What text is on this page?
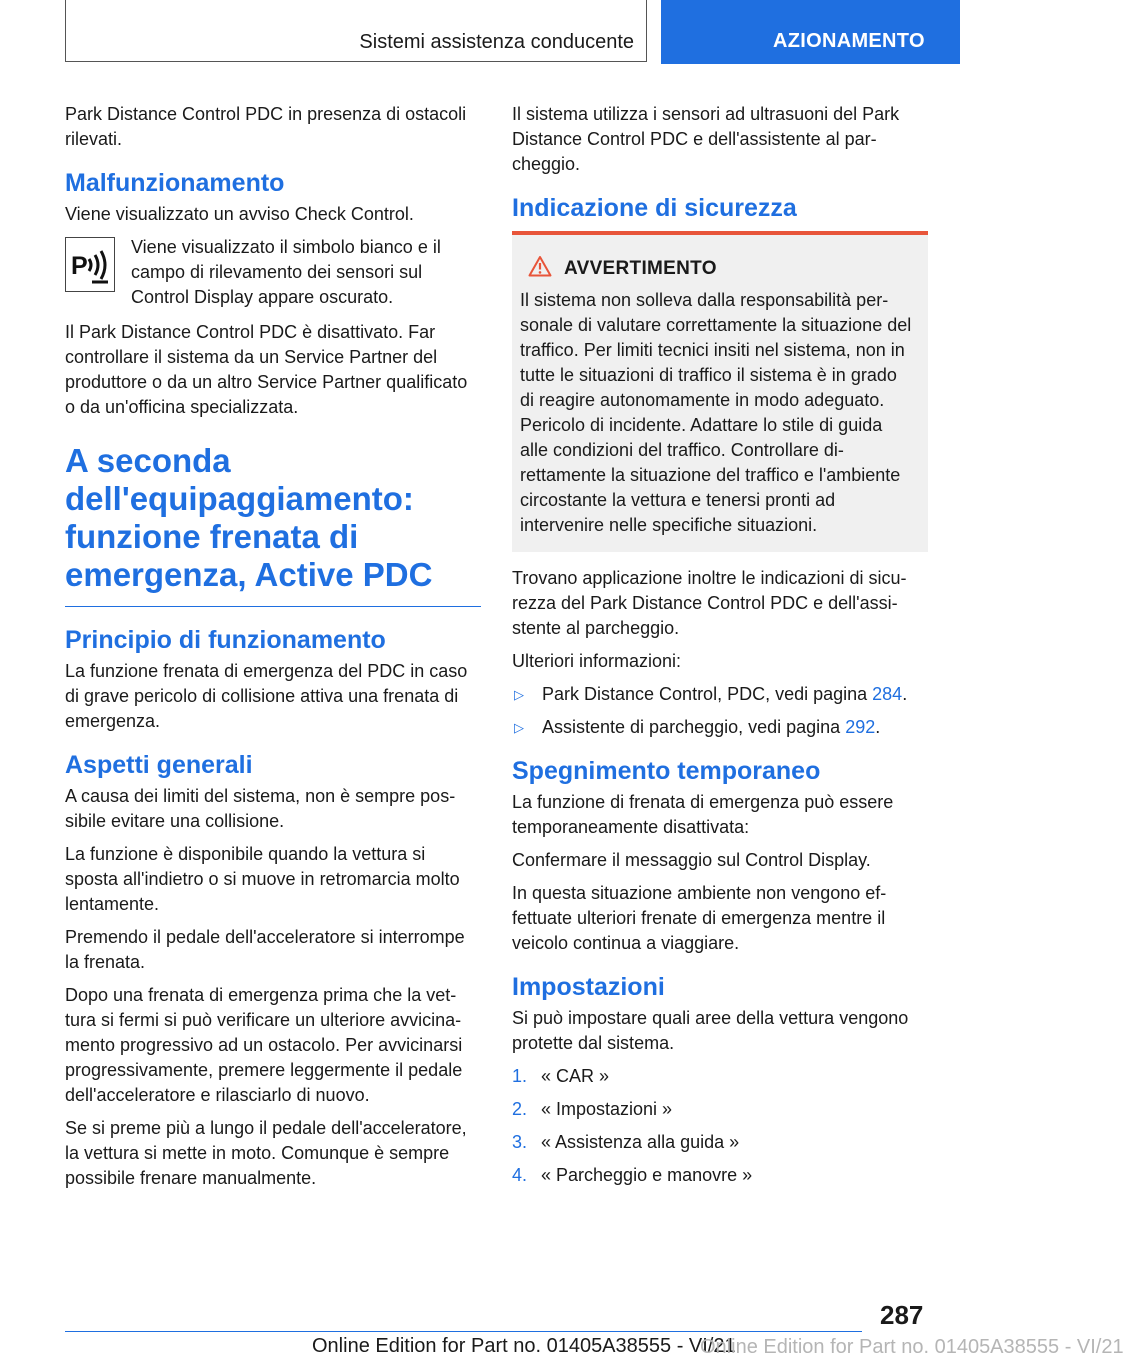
Sistemi assistenza conducente	AZIONAMENTO

Park Distance Control PDC in presenza di ostacoli rilevati.

Malfunzionamento

Viene visualizzato un avviso Check Control.

P

Viene visualizzato il simbolo bianco e il campo di rilevamento dei sensori sul Control Display appare oscurato.

Il Park Distance Control PDC è disattivato. Far controllare il sistema da un Service Partner del produttore o da un altro Service Partner qualificato o da un'officina specializzata.

A seconda dell'equipaggiamento: funzione frenata di emergenza, Active PDC
Principio di funzionamento

La funzione frenata di emergenza del PDC in caso di grave pericolo di collisione attiva una frenata di emergenza.

Aspetti generali

A causa dei limiti del sistema, non è sempre possibile evitare una collisione.

La funzione è disponibile quando la vettura si sposta all'indietro o si muove in retromarcia molto lentamente.

Premendo il pedale dell'acceleratore si interrompe la frenata.

Dopo una frenata di emergenza prima che la vettura si fermi si può verificare un ulteriore avvicinamento progressivo ad un ostacolo. Per avvicinarsi progressivamente, premere leggermente il pedale dell'acceleratore e rilasciarlo di nuovo.

Se si preme più a lungo il pedale dell'acceleratore, la vettura si mette in moto. Comunque è sempre possibile frenare manualmente.

Il sistema utilizza i sensori ad ultrasuoni del Park Distance Control PDC e dell'assistente al parcheggio.

Indicazione di sicurezza
AVVERTIMENTO

Il sistema non solleva dalla responsabilità personale di valutare correttamente la situazione del traffico. Per limiti tecnici insiti nel sistema, non in tutte le situazioni di traffico il sistema è in grado di reagire autonomamente in modo adeguato. Pericolo di incidente. Adattare lo stile di guida alle condizioni del traffico. Controllare direttamente la situazione del traffico e l'ambiente circostante la vettura e tenersi pronti ad intervenire nelle specifiche situazioni.

Trovano applicazione inoltre le indicazioni di sicurezza del Park Distance Control PDC e dell'assistente al parcheggio.

Ulteriori informazioni:

▷	Park Distance Control, PDC, vedi pagina 284.
▷	Assistente di parcheggio, vedi pagina 292.
Spegnimento temporaneo

La funzione di frenata di emergenza può essere temporaneamente disattivata:

Confermare il messaggio sul Control Display.

In questa situazione ambiente non vengono effettuate ulteriori frenate di emergenza mentre il veicolo continua a viaggiare.

Impostazioni

Si può impostare quali aree della vettura vengono protette dal sistema.

1. « CAR »
2. « Impostazioni »
3. « Assistenza alla guida »
4. « Parcheggio e manovre »
287
Online Edition for Part no. 01405A38555 - VI/21
Online Edition for Part no. 01405A38555 - VI/21
